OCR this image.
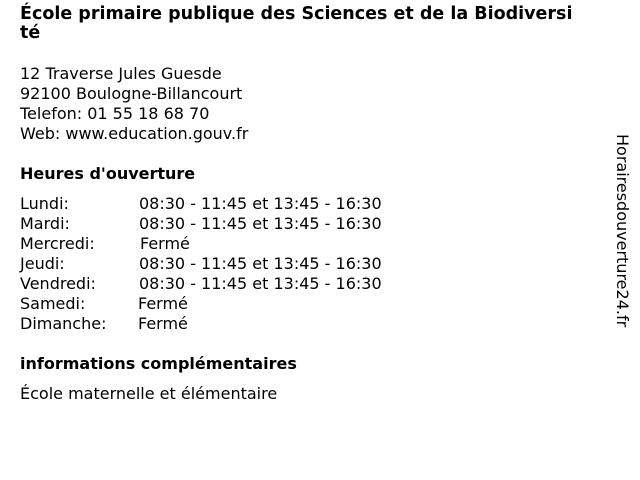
École primaire publique des Sciences et de la Biodiversité
12 Traverse Jules Guesde
92100 Boulogne-Billancourt
Telefon: 01 55 18 68 70
Web: www.education.gouv.fr
Heures d'ouverture
Lundi:	08:30 - 11:45 et 13:45 - 16:30
Mardi:	08:30 - 11:45 et 13:45 - 16:30
Mercredi:	Fermé
Jeudi:	08:30 - 11:45 et 13:45 - 16:30
Vendredi:	08:30 - 11:45 et 13:45 - 16:30
Samedi:	Fermé
Dimanche: Fermé
informations complémentaires
École maternelle et élémentaire
Horairesdouverture24.fr
